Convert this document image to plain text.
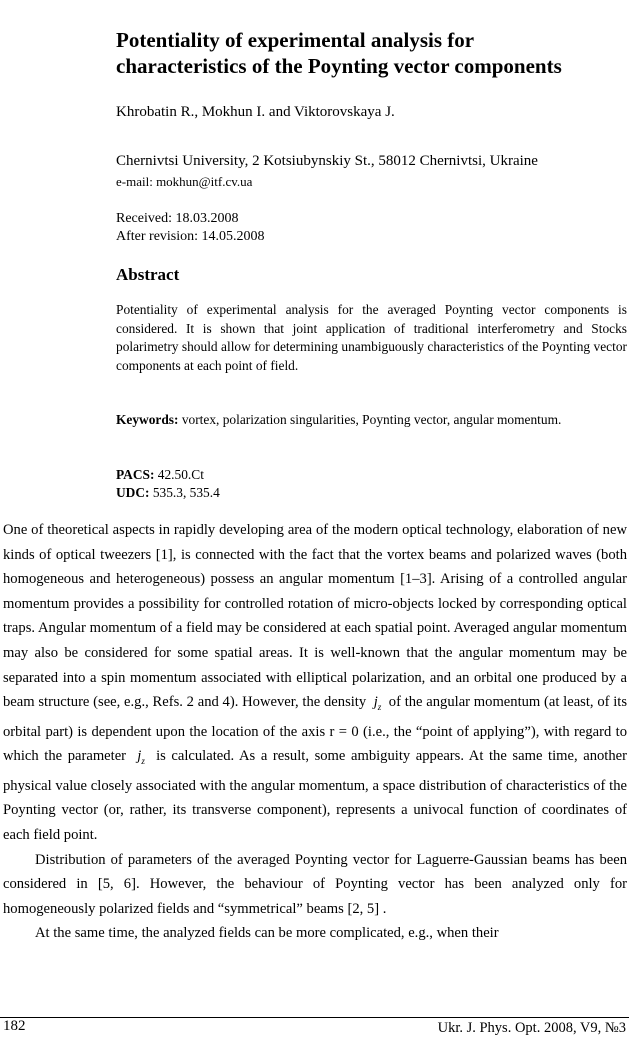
Potentiality of experimental analysis for
characteristics of the Poynting vector components
Khrobatin R., Mokhun I. and Viktorovskaya J.
Chernivtsi University, 2 Kotsiubynskiy St., 58012 Chernivtsi, Ukraine
e-mail: mokhun@itf.cv.ua
Received: 18.03.2008
After revision: 14.05.2008
Abstract
Potentiality of experimental analysis for the averaged Poynting vector components is considered. It is shown that joint application of traditional interferometry and Stocks polarimetry should allow for determining unambiguously characteristics of the Poynting vector components at each point of field.
Keywords: vortex, polarization singularities, Poynting vector, angular momentum.
PACS: 42.50.Ct
UDC: 535.3, 535.4

One of theoretical aspects in rapidly developing area of the modern optical technology, elaboration of new kinds of optical tweezers [1], is connected with the fact that the vortex beams and polarized waves (both homogeneous and heterogeneous) possess an angular momentum [1–3]. Arising of a controlled angular momentum provides a possibility for controlled rotation of micro-objects locked by corresponding optical traps. Angular momentum of a field may be considered at each spatial point. Averaged angular momentum may also be considered for some spatial areas. It is well-known that the angular momentum may be separated into a spin momentum associated with elliptical polarization, and an orbital one produced by a beam structure (see, e.g., Refs. 2 and 4). However, the density $j_z$ of the angular momentum (at least, of its orbital part) is dependent upon the location of the axis r = 0 (i.e., the “point of applying”), with regard to which the parameter $j_z$ is calculated. As a result, some ambiguity appears. At the same time, another physical value closely associated with the angular momentum, a space distribution of characteristics of the Poynting vector (or, rather, its transverse component), represents a univocal function of coordinates of each field point.

Distribution of parameters of the averaged Poynting vector for Laguerre-Gaussian beams has been considered in [5, 6]. However, the behaviour of Poynting vector has been analyzed only for homogeneously polarized fields and “symmetrical” beams [2, 5] .

At the same time, the analyzed fields can be more complicated, e.g., when their

182	Ukr. J. Phys. Opt. 2008, V9, №3
